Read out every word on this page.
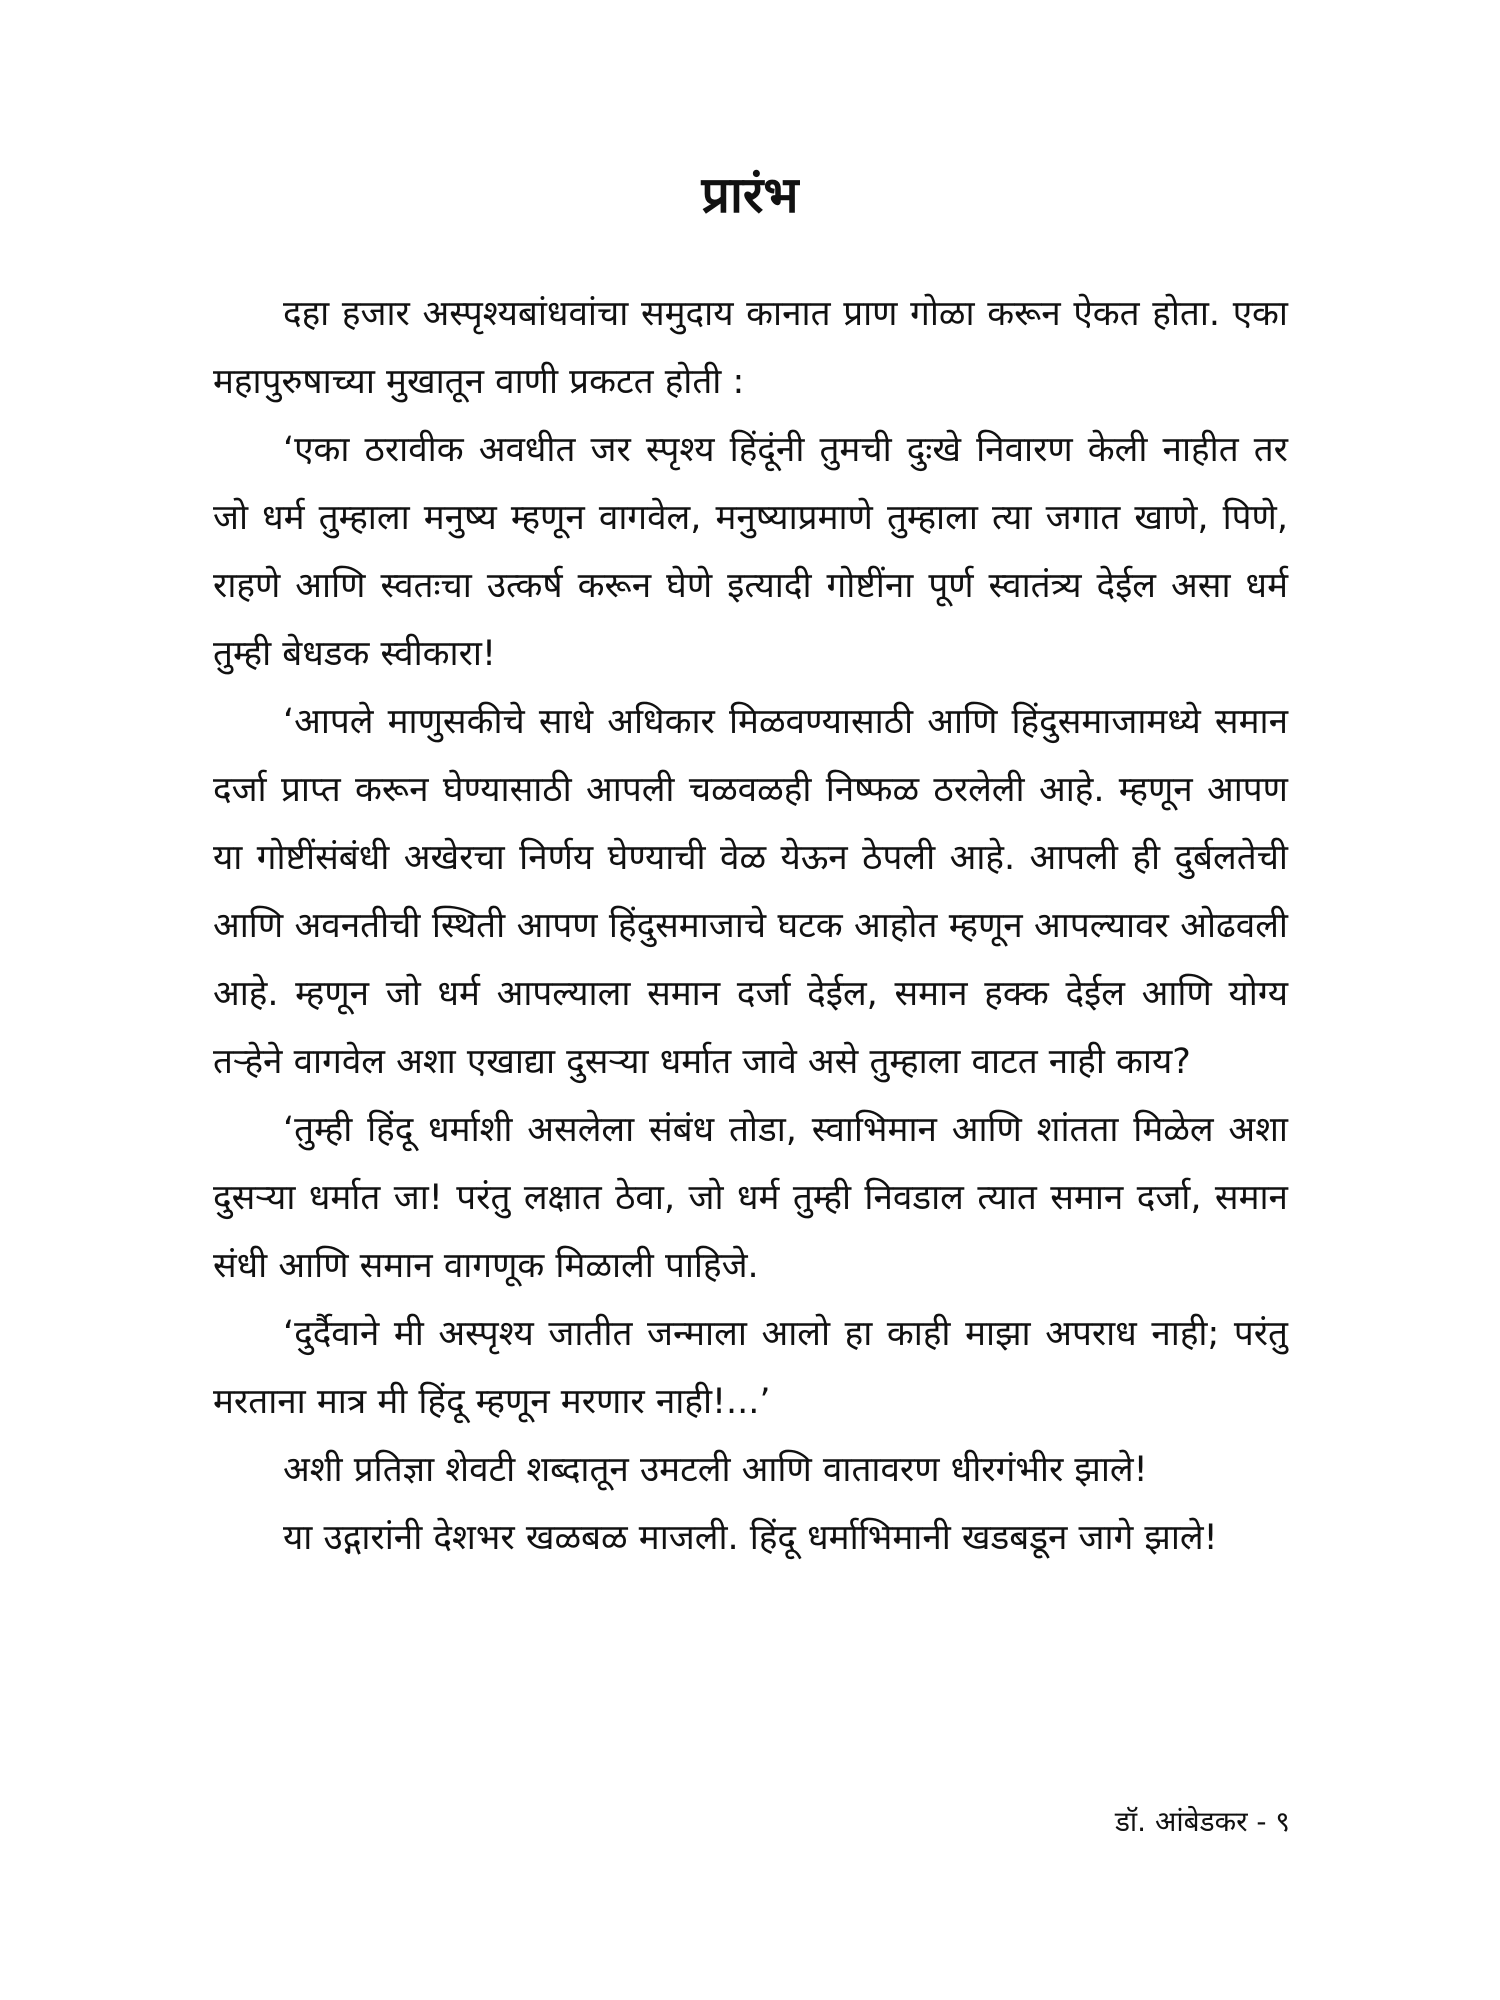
प्रारंभ

दहा हजार अस्पृश्यबांधवांचा समुदाय कानात प्राण गोळा करून ऐकत होता. एका महापुरुषाच्या मुखातून वाणी प्रकटत होती :

‘एका ठरावीक अवधीत जर स्पृश्य हिंदूंनी तुमची दुःखे निवारण केली नाहीत तर जो धर्म तुम्हाला मनुष्य म्हणून वागवेल, मनुष्याप्रमाणे तुम्हाला त्या जगात खाणे, पिणे, राहणे आणि स्वतःचा उत्कर्ष करून घेणे इत्यादी गोष्टींना पूर्ण स्वातंत्र्य देईल असा धर्म तुम्ही बेधडक स्वीकारा!

‘आपले माणुसकीचे साधे अधिकार मिळवण्यासाठी आणि हिंदुसमाजामध्ये समान दर्जा प्राप्त करून घेण्यासाठी आपली चळवळही निष्फळ ठरलेली आहे. म्हणून आपण या गोष्टींसंबंधी अखेरचा निर्णय घेण्याची वेळ येऊन ठेपली आहे. आपली ही दुर्बलतेची आणि अवनतीची स्थिती आपण हिंदुसमाजाचे घटक आहोत म्हणून आपल्यावर ओढवली आहे. म्हणून जो धर्म आपल्याला समान दर्जा देईल, समान हक्क देईल आणि योग्य तऱ्हेने वागवेल अशा एखाद्या दुसऱ्या धर्मात जावे असे तुम्हाला वाटत नाही काय?

‘तुम्ही हिंदू धर्माशी असलेला संबंध तोडा, स्वाभिमान आणि शांतता मिळेल अशा दुसऱ्या धर्मात जा! परंतु लक्षात ठेवा, जो धर्म तुम्ही निवडाल त्यात समान दर्जा, समान संधी आणि समान वागणूक मिळाली पाहिजे.

‘दुर्दैवाने मी अस्पृश्य जातीत जन्माला आलो हा काही माझा अपराध नाही; परंतु मरताना मात्र मी हिंदू म्हणून मरणार नाही!...’

अशी प्रतिज्ञा शेवटी शब्दातून उमटली आणि वातावरण धीरगंभीर झाले!

या उद्गारांनी देशभर खळबळ माजली. हिंदू धर्माभिमानी खडबडून जागे झाले!

डॉ. आंबेडकर - ९
